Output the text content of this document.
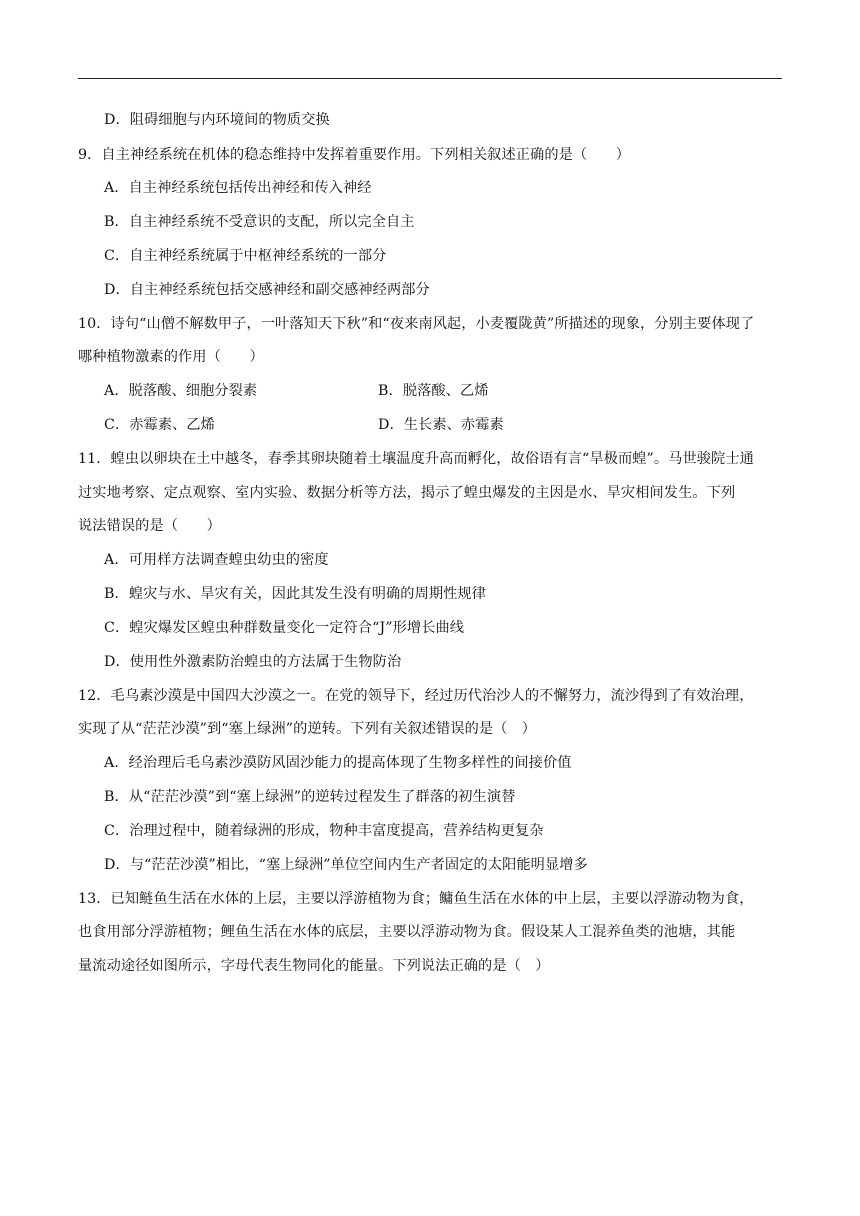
D．阻碍细胞与内环境间的物质交换
9．自主神经系统在机体的稳态维持中发挥着重要作用。下列相关叙述正确的是（　　）
A．自主神经系统包括传出神经和传入神经
B．自主神经系统不受意识的支配，所以完全自主
C．自主神经系统属于中枢神经系统的一部分
D．自主神经系统包括交感神经和副交感神经两部分
10．诗句“山僧不解数甲子，一叶落知天下秋”和“夜来南风起，小麦覆陇黄”所描述的现象，分别主要体现了
哪种植物激素的作用（　　）
A．脱落酸、细胞分裂素	B．脱落酸、乙烯
C．赤霉素、乙烯	D．生长素、赤霉素
11．蝗虫以卵块在土中越冬，春季其卵块随着土壤温度升高而孵化，故俗语有言“旱极而蝗”。马世骏院士通
过实地考察、定点观察、室内实验、数据分析等方法，揭示了蝗虫爆发的主因是水、旱灾相间发生。下列
说法错误的是（　　）
A．可用样方法调查蝗虫幼虫的密度
B．蝗灾与水、旱灾有关，因此其发生没有明确的周期性规律
C．蝗灾爆发区蝗虫种群数量变化一定符合“J”形增长曲线
D．使用性外激素防治蝗虫的方法属于生物防治
12．毛乌素沙漠是中国四大沙漠之一。在党的领导下，经过历代治沙人的不懈努力，流沙得到了有效治理，
实现了从“茫茫沙漠”到“塞上绿洲”的逆转。下列有关叙述错误的是（　）
A．经治理后毛乌素沙漠防风固沙能力的提高体现了生物多样性的间接价值
B．从“茫茫沙漠”到“塞上绿洲”的逆转过程发生了群落的初生演替
C．治理过程中，随着绿洲的形成，物种丰富度提高，营养结构更复杂
D．与“茫茫沙漠”相比，“塞上绿洲”单位空间内生产者固定的太阳能明显增多
13．已知鲢鱼生活在水体的上层，主要以浮游植物为食；鳙鱼生活在水体的中上层，主要以浮游动物为食，
也食用部分浮游植物；鲤鱼生活在水体的底层，主要以浮游动物为食。假设某人工混养鱼类的池塘，其能
量流动途径如图所示，字母代表生物同化的能量。下列说法正确的是（　）
